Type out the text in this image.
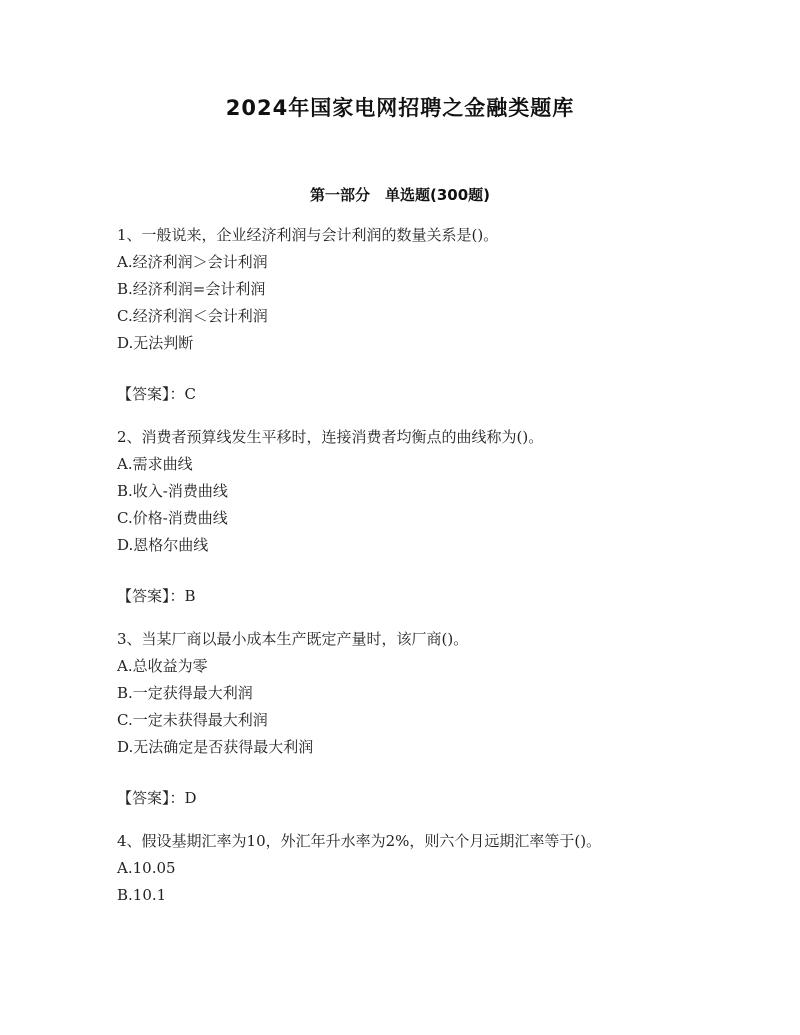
2024年国家电网招聘之金融类题库
第一部分　单选题(300题)

1、一般说来，企业经济利润与会计利润的数量关系是()。

A.经济利润＞会计利润

B.经济利润=会计利润

C.经济利润＜会计利润

D.无法判断

【答案】：C

2、消费者预算线发生平移时，连接消费者均衡点的曲线称为()。

A.需求曲线

B.收入-消费曲线

C.价格-消费曲线

D.恩格尔曲线

【答案】：B

3、当某厂商以最小成本生产既定产量时，该厂商()。

A.总收益为零

B.一定获得最大利润

C.一定未获得最大利润

D.无法确定是否获得最大利润

【答案】：D

4、假设基期汇率为10，外汇年升水率为2%，则六个月远期汇率等于()。

A.10.05

B.10.1
